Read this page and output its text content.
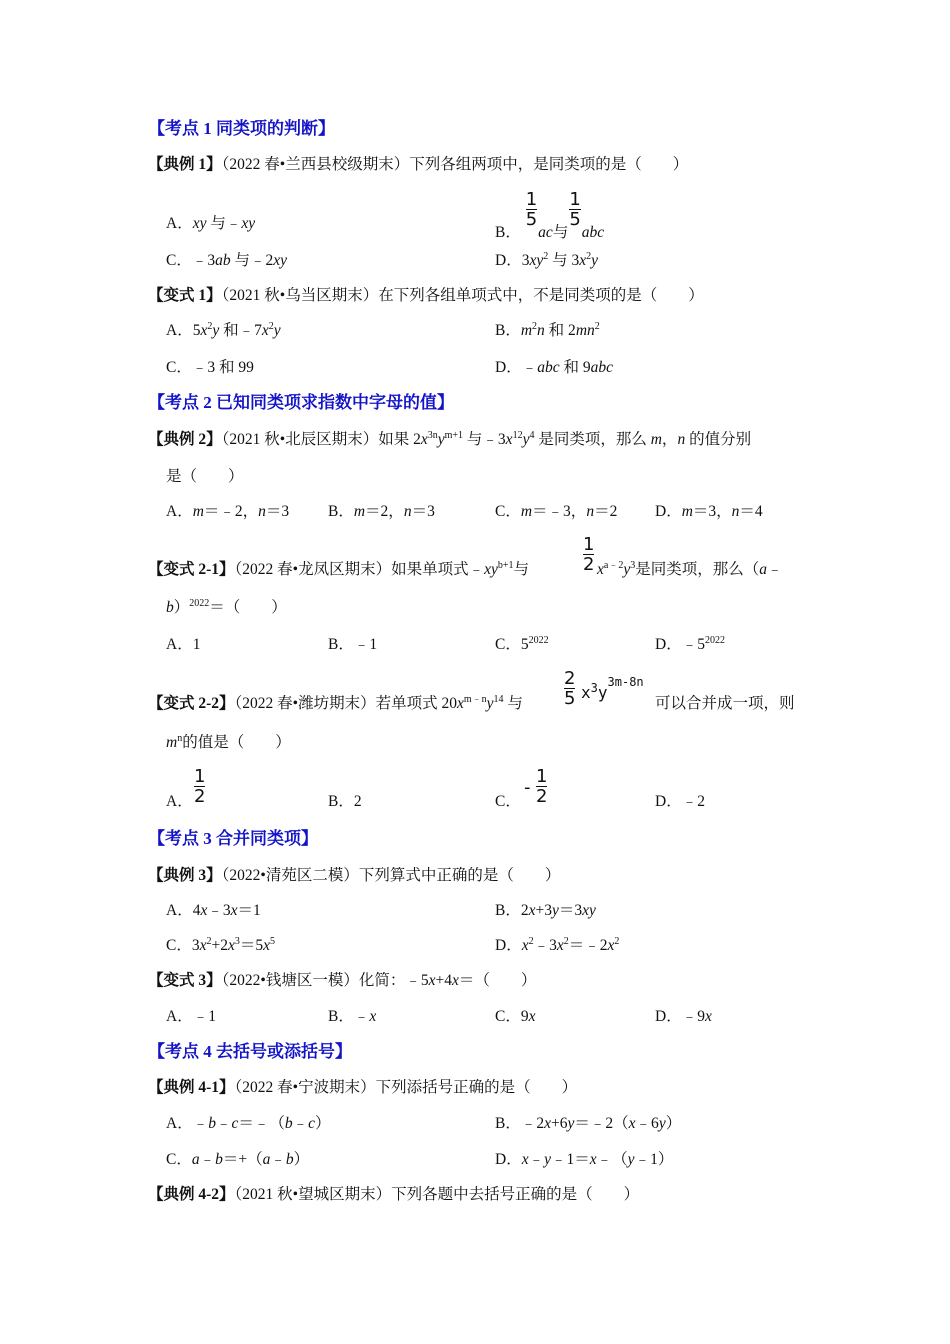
【考点 1 同类项的判断】
【典例 1】（2022 春•兰西县校级期末）下列各组两项中，是同类项的是（　　）
A．xy 与﹣xy
B．
$\frac{1}{5}$
ac与
$\frac{1}{5}$
abc
C．﹣3ab 与﹣2xy	D．$3xy^2$ 与 $3x^2y$
【变式 1】（2021 秋•乌当区期末）在下列各组单项式中，不是同类项的是（　　）
A．$5x^2y$ 和$﹣7x^2y$	B．$m^2n$ 和 $2mn^2$
C．﹣3 和 99	D．﹣abc 和 9abc
【考点 2 已知同类项求指数中字母的值】
【典例 2】（2021 秋•北辰区期末）如果 $2x^{3n}y^{m+1}$ 与$﹣3x^{12}y^4$ 是同类项，那么 m，n 的值分别
是（　　）
A．m＝﹣2，n＝3	B．m＝2，n＝3	C．m＝﹣3，n＝2 D．m＝3，n＝4
【变式 2-1】（2022 春•龙凤区期末）如果单项式$﹣xy^{b+1}$与	$\frac{1}{2} x^{a﹣2}y^3$是同类项，那么（a﹣
b）$^{2022}$＝（　　）
A．1	B．﹣1	C．$5^{2022}$	D．$﹣5^{2022}$
【变式 2-2】（2022 春•潍坊期末）若单项式 $20x^{m﹣n}y^{14}$ 与 $\frac{2}{5} x^3y^{3m-8n}$
可以合并成一项，则
$m^n$的值是（　　）
A． $\frac{1}{2}$	B．2	C．
- $\frac{1}{2}$	D．﹣2
【考点 3 合并同类项】
【典例 3】（2022•清苑区二模）下列算式中正确的是（　　）
A．4x﹣3x＝1	B．2x+3y＝3xy
C．$3x^2+2x^3=5x^5$	D．$x^2﹣3x^2=﹣2x^2$
【变式 3】（2022•钱塘区一模）化简：﹣5x+4x＝（　　）
A．﹣1	B．﹣x	C．9x	D．﹣9x
【考点 4 去括号或添括号】
【典例 4-1】（2022 春•宁波期末）下列添括号正确的是（　　）
A．﹣b﹣c＝﹣（b﹣c）	B．﹣2x+6y＝﹣2（x﹣6y）
C．a﹣b＝+（a﹣b）	D．x﹣y﹣1＝x﹣（y﹣1）
【典例 4-2】（2021 秋•望城区期末）下列各题中去括号正确的是（　　）
